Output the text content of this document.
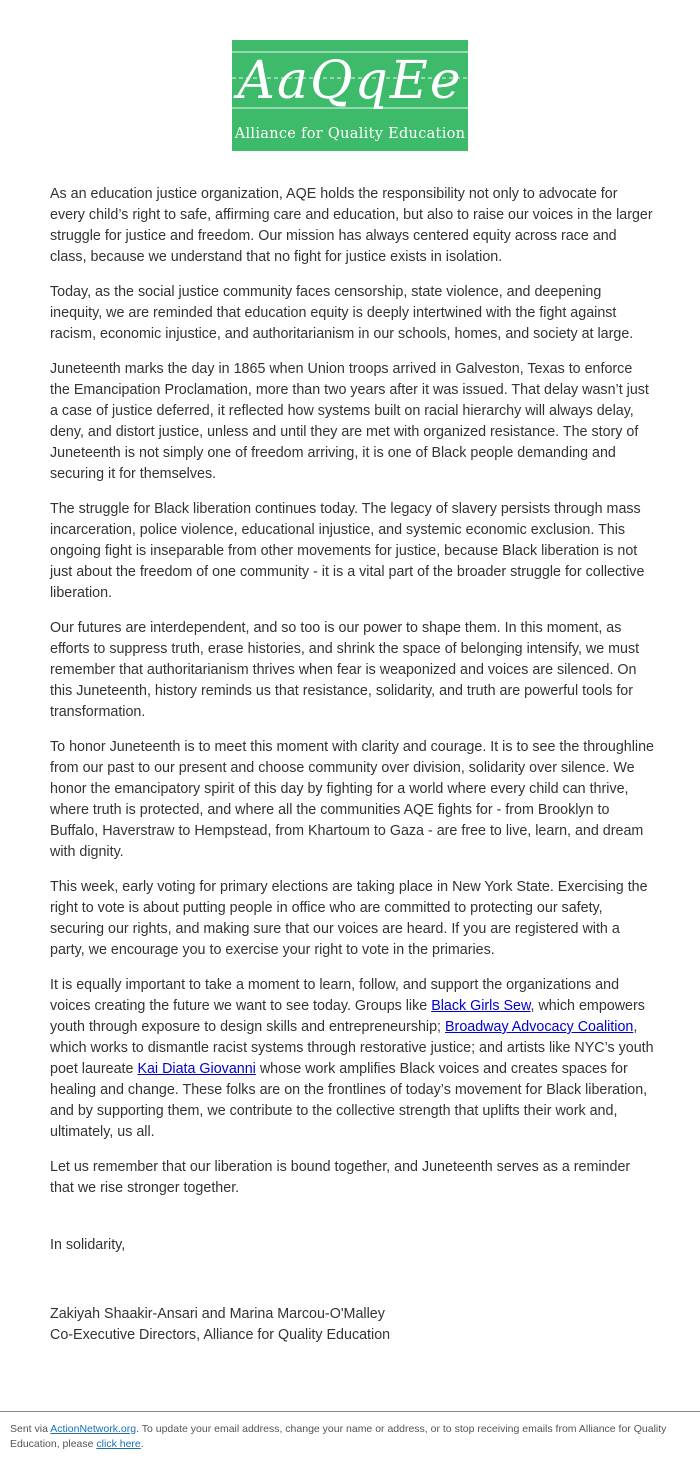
AaQqEe
Alliance for Quality Education

As an education justice organization, AQE holds the responsibility not only to advocate for every child’s right to safe, affirming care and education, but also to raise our voices in the larger struggle for justice and freedom. Our mission has always centered equity across race and class, because we understand that no fight for justice exists in isolation.

Today, as the social justice community faces censorship, state violence, and deepening inequity, we are reminded that education equity is deeply intertwined with the fight against racism, economic injustice, and authoritarianism in our schools, homes, and society at large.

Juneteenth marks the day in 1865 when Union troops arrived in Galveston, Texas to enforce the Emancipation Proclamation, more than two years after it was issued. That delay wasn’t just a case of justice deferred, it reflected how systems built on racial hierarchy will always delay, deny, and distort justice, unless and until they are met with organized resistance. The story of Juneteenth is not simply one of freedom arriving, it is one of Black people demanding and securing it for themselves.

The struggle for Black liberation continues today. The legacy of slavery persists through mass incarceration, police violence, educational injustice, and systemic economic exclusion. This ongoing fight is inseparable from other movements for justice, because Black liberation is not just about the freedom of one community - it is a vital part of the broader struggle for collective liberation.

Our futures are interdependent, and so too is our power to shape them. In this moment, as efforts to suppress truth, erase histories, and shrink the space of belonging intensify, we must remember that authoritarianism thrives when fear is weaponized and voices are silenced. On this Juneteenth, history reminds us that resistance, solidarity, and truth are powerful tools for transformation.

To honor Juneteenth is to meet this moment with clarity and courage. It is to see the throughline from our past to our present and choose community over division, solidarity over silence. We honor the emancipatory spirit of this day by fighting for a world where every child can thrive, where truth is protected, and where all the communities AQE fights for - from Brooklyn to Buffalo, Haverstraw to Hempstead, from Khartoum to Gaza - are free to live, learn, and dream with dignity.

This week, early voting for primary elections are taking place in New York State. Exercising the right to vote is about putting people in office who are committed to protecting our safety, securing our rights, and making sure that our voices are heard. If you are registered with a party, we encourage you to exercise your right to vote in the primaries.

It is equally important to take a moment to learn, follow, and support the organizations and voices creating the future we want to see today. Groups like Black Girls Sew, which empowers youth through exposure to design skills and entrepreneurship; Broadway Advocacy Coalition, which works to dismantle racist systems through restorative justice; and artists like NYC’s youth poet laureate Kai Diata Giovanni whose work amplifies Black voices and creates spaces for healing and change. These folks are on the frontlines of today’s movement for Black liberation, and by supporting them, we contribute to the collective strength that uplifts their work and, ultimately, us all.

Let us remember that our liberation is bound together, and Juneteenth serves as a reminder that we rise stronger together.

In solidarity,
Zakiyah Shaakir-Ansari and Marina Marcou-O'Malley
Co-Executive Directors, Alliance for Quality Education
Sent via ActionNetwork.org. To update your email address, change your name or address, or to stop receiving emails from Alliance for Quality Education, please click here.
